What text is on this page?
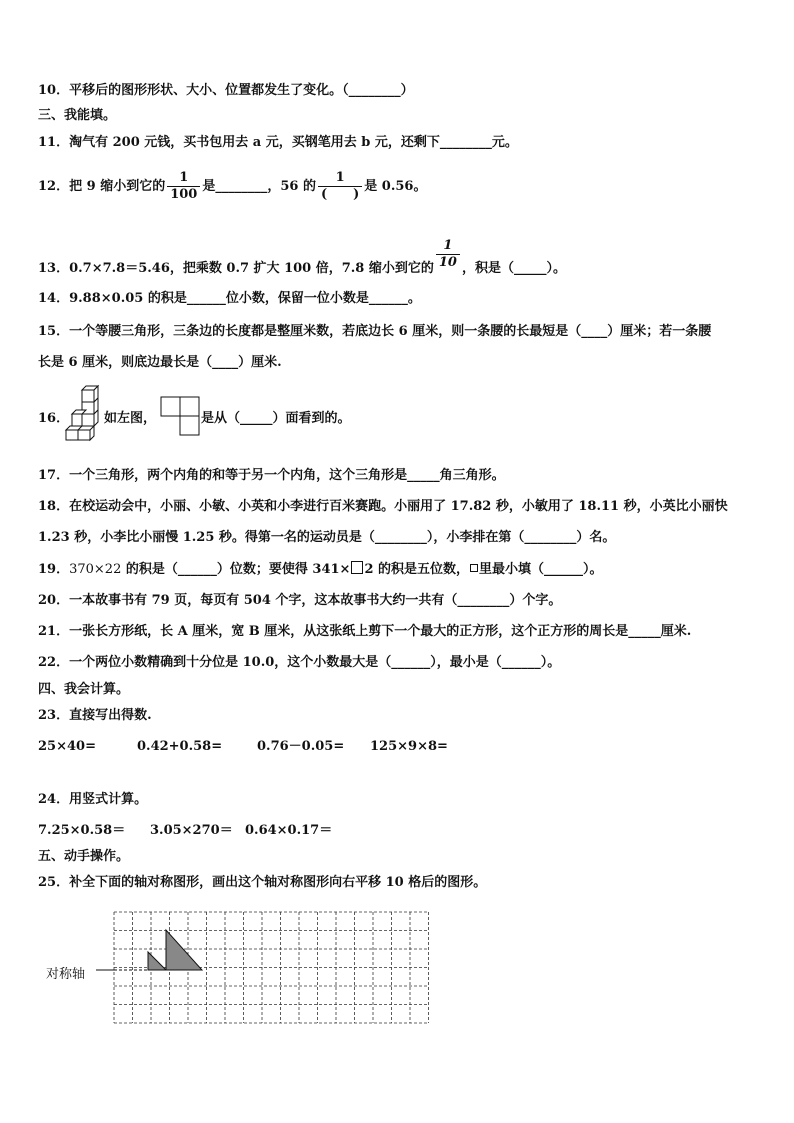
10．平移后的图形形状、大小、位置都发生了变化。（________）
三、我能填。
11．淘气有 200 元钱，买书包用去 a 元，买钢笔用去 b 元，还剩下________元。
12．把 9 缩小到它的 $\frac{1}{100}$ 是________，56 的 $\frac{1}{( )}$ 是 0.56。
13．0.7×7.8＝5.46，把乘数 0.7 扩大 100 倍，7.8 缩小到它的 $\frac{1}{10}$ ，积是（_____）。
14．9.88×0.05 的积是______位小数，保留一位小数是______。
15．一个等腰三角形，三条边的长度都是整厘米数，若底边长 6 厘米，则一条腰的长最短是（____）厘米；若一条腰
长是 6 厘米，则底边最长是（____）厘米.
16．	如左图，	是从（_____）面看到的。
17．一个三角形，两个内角的和等于另一个内角，这个三角形是_____角三角形。
18．在校运动会中，小丽、小敏、小英和小李进行百米赛跑。小丽用了 17.82 秒，小敏用了 18.11 秒，小英比小丽快
1.23 秒，小李比小丽慢 1.25 秒。得第一名的运动员是（________），小李排在第（________）名。
19．370×22 的积是（______）位数；要使得 341× 2 的积是五位数， 里最小填（______）。
20．一本故事书有 79 页，每页有 504 个字，这本故事书大约一共有（________）个字。
21．一张长方形纸，长 A 厘米，宽 B 厘米，从这张纸上剪下一个最大的正方形，这个正方形的周长是_____厘米.
22．一个两位小数精确到十分位是 10.0，这个小数最大是（______），最小是（______）。
四、我会计算。
23．直接写出得数.
25×40=	0.42+0.58=	0.76－0.05= 125×9×8=
24．用竖式计算。
7.25×0.58＝ 3.05×270＝ 0.64×0.17＝
五、动手操作。
25．补全下面的轴对称图形，画出这个轴对称图形向右平移 10 格后的图形。
对称轴
